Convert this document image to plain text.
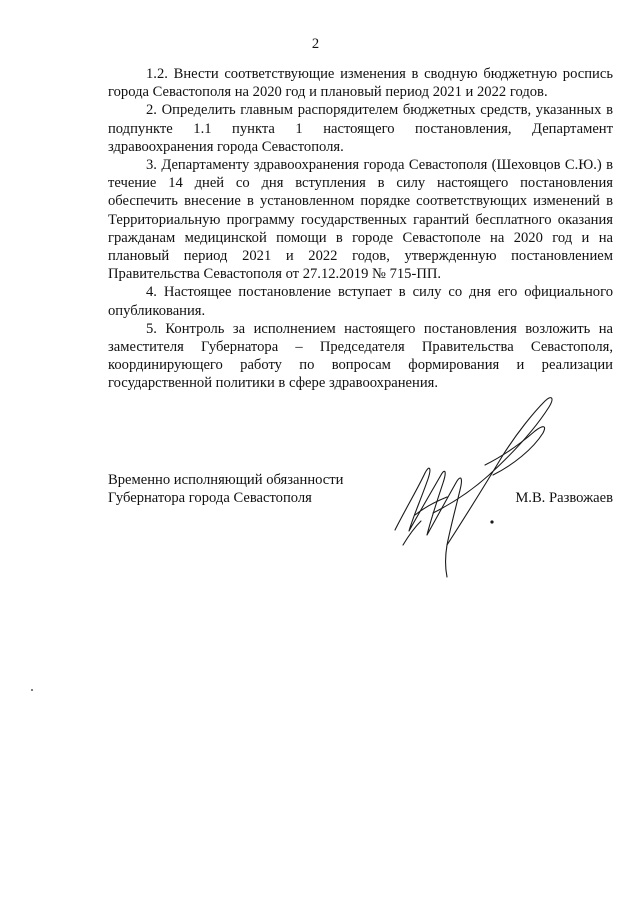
2

1.2. Внести соответствующие изменения в сводную бюджетную роспись города Севастополя на 2020 год и плановый период 2021 и 2022 годов.

2. Определить главным распорядителем бюджетных средств, указанных в подпункте 1.1 пункта 1 настоящего постановления, Департамент здравоохранения города Севастополя.

3. Департаменту здравоохранения города Севастополя (Шеховцов С.Ю.) в течение 14 дней со дня вступления в силу настоящего постановления обеспечить внесение в установленном порядке соответствующих изменений в Территориальную программу государственных гарантий бесплатного оказания гражданам медицинской помощи в городе Севастополе на 2020 год и на плановый период 2021 и 2022 годов, утвержденную постановлением Правительства Севастополя от 27.12.2019 № 715-ПП.

4. Настоящее постановление вступает в силу со дня его официального опубликования.

5. Контроль за исполнением настоящего постановления возложить на заместителя Губернатора – Председателя Правительства Севастополя, координирующего работу по вопросам формирования и реализации государственной политики в сфере здравоохранения.

Временно исполняющий обязанности
Губернатора города Севастополя	М.В. Развожаев
